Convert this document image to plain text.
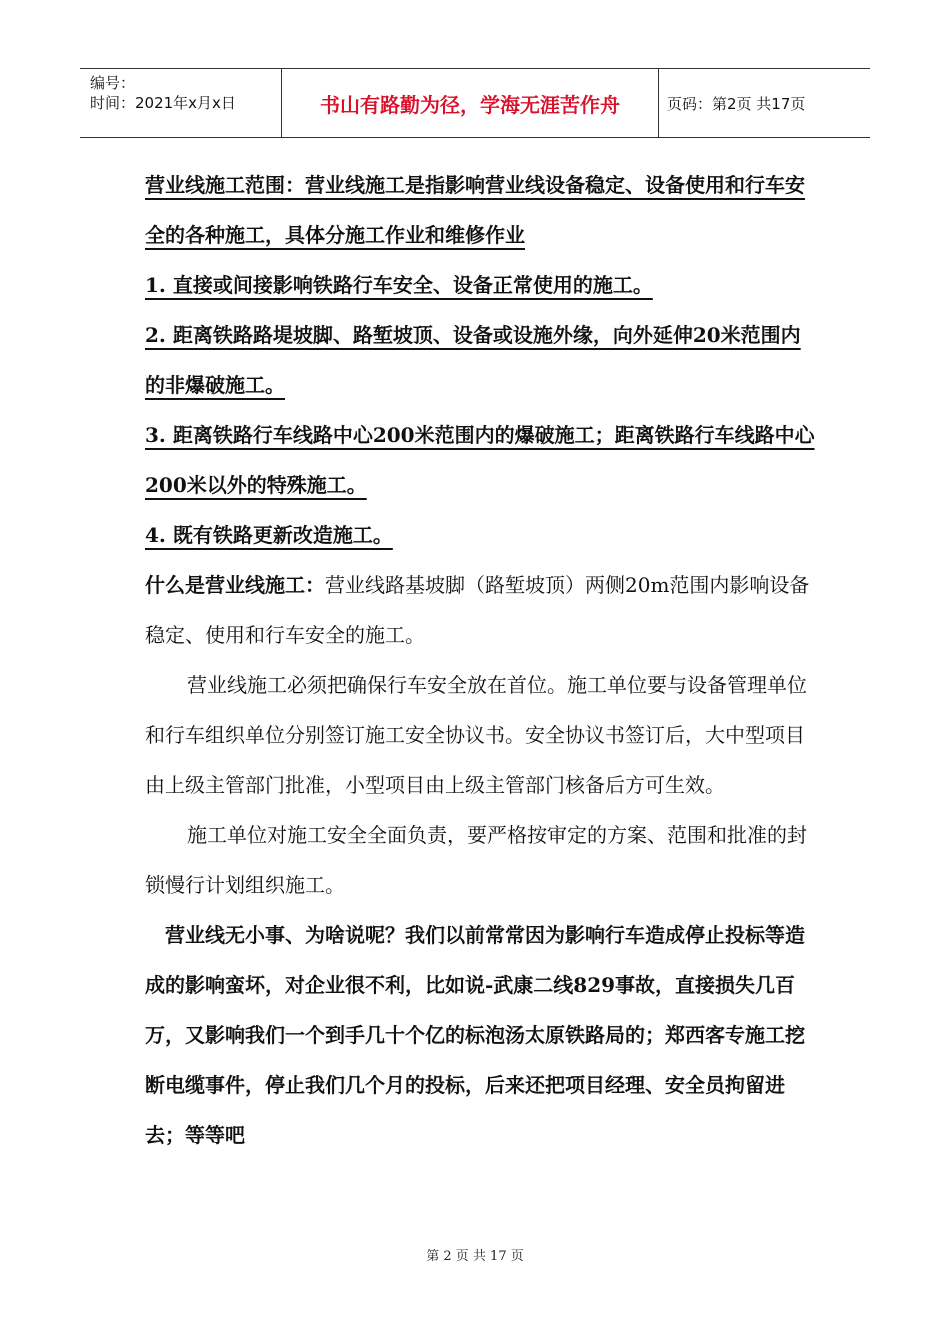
编号：
时间：2021年x月x日	书山有路勤为径，学海无涯苦作舟	页码：第2页 共17页

营业线施工范围：营业线施工是指影响营业线设备稳定、设备使用和行车安全的各种施工，具体分施工作业和维修作业

1. 直接或间接影响铁路行车安全、设备正常使用的施工。

2. 距离铁路路堤坡脚、路堑坡顶、设备或设施外缘，向外延伸20米范围内的非爆破施工。

3. 距离铁路行车线路中心200米范围内的爆破施工；距离铁路行车线路中心200米以外的特殊施工。

4. 既有铁路更新改造施工。

什么是营业线施工：营业线路基坡脚（路堑坡顶）两侧20m范围内影响设备稳定、使用和行车安全的施工。

营业线施工必须把确保行车安全放在首位。施工单位要与设备管理单位和行车组织单位分别签订施工安全协议书。安全协议书签订后，大中型项目由上级主管部门批准，小型项目由上级主管部门核备后方可生效。

施工单位对施工安全全面负责，要严格按审定的方案、范围和批准的封锁慢行计划组织施工。

营业线无小事、为啥说呢？我们以前常常因为影响行车造成停止投标等造成的影响蛮坏，对企业很不利，比如说-武康二线829事故，直接损失几百万，又影响我们一个到手几十个亿的标泡汤太原铁路局的；郑西客专施工挖断电缆事件，停止我们几个月的投标，后来还把项目经理、安全员拘留进去；等等吧

第 2 页 共 17 页
